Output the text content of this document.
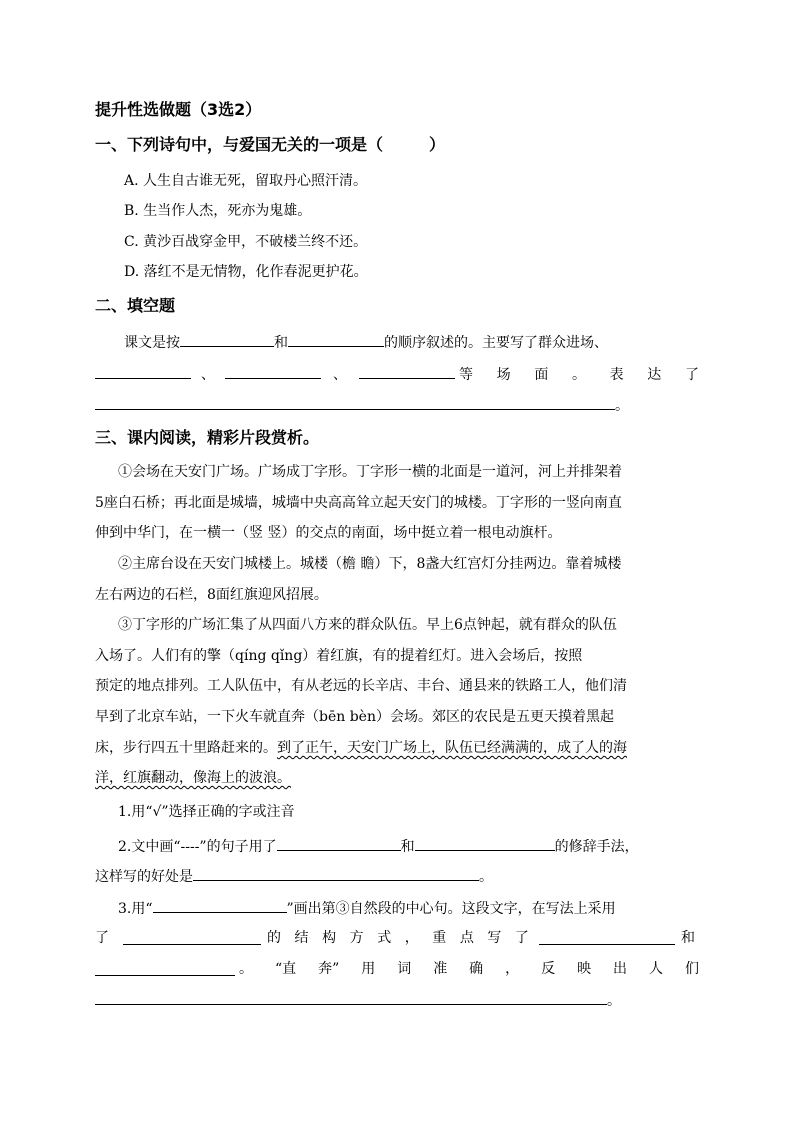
提升性选做题（3选2）
一、下列诗句中，与爱国无关的一项是（	）
A. 人生自古谁无死，留取丹心照汗清。
B. 生当作人杰，死亦为鬼雄。
C. 黄沙百战穿金甲，不破楼兰终不还。
D. 落红不是无情物，化作春泥更护花。
二、填空题
课文是按	和	的顺序叙述的。主要写了群众进场、
、	、	等 场 面 。 表 达 了
。
三、课内阅读，精彩片段赏析。
①会场在天安门广场。广场成丁字形。丁字形一横的北面是一道河，河上并排架着
5座白石桥；再北面是城墙，城墙中央高高耸立起天安门的城楼。丁字形的一竖向南直
伸到中华门，在一横一（竖 竖）的交点的南面，场中挺立着一根电动旗杆。
②主席台设在天安门城楼上。城楼（檐 瞻）下，8盏大红宫灯分挂两边。靠着城楼
左右两边的石栏，8面红旗迎风招展。
③丁字形的广场汇集了从四面八方来的群众队伍。早上6点钟起，就有群众的队伍
入场了。人们有的擎（qíng qǐng）着红旗，有的提着红灯。进入会场后，按照
预定的地点排列。工人队伍中，有从老远的长辛店、丰台、通县来的铁路工人，他们清
早到了北京车站，一下火车就直奔（bēn bèn）会场。郊区的农民是五更天摸着黑起
床，步行四五十里路赶来的。到了正午，天安门广场上，队伍已经满满的，成了人的海
洋，红旗翻动，像海上的波浪。
1.用“√”选择正确的字或注音
2.文中画“----”的句子用了	和	的修辞手法，
这样写的好处是	。
3.用“	”画出第③自然段的中心句。这段文字，在写法上采用
了	的 结 构 方 式 ， 重 点 写 了	和
。 “直 奔” 用 词 准 确 ， 反 映 出 人 们
。
